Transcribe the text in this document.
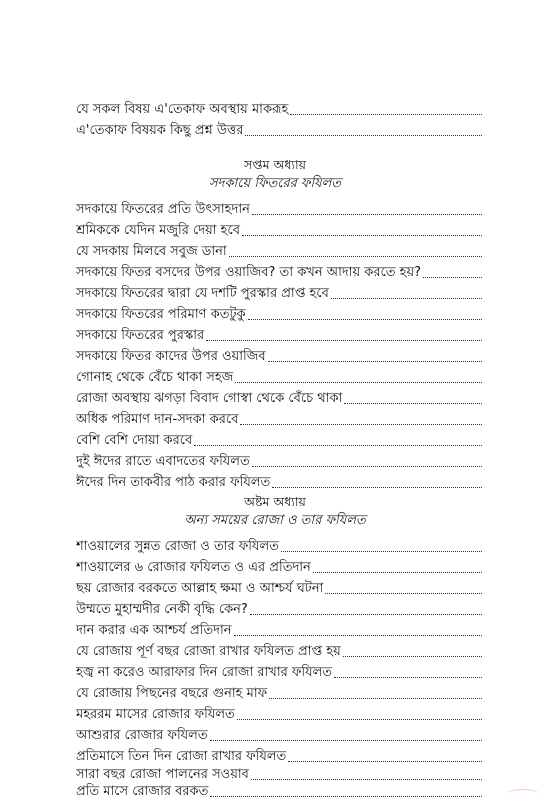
যে সকল বিষয় এ'তেকাফ অবস্থায় মাকরূহ
এ'তেকাফ বিষয়ক কিছু প্রশ্ন উত্তর
সপ্তম অধ্যায়
সদকায়ে ফিতরের ফযিলত
সদকায়ে ফিতরের প্রতি উৎসাহদান
শ্রমিককে যেদিন মজুরি দেয়া হবে
যে সদকায় মিলবে সবুজ ডানা
সদকায়ে ফিতর বসদের উপর ওয়াজিব? তা কখন আদায় করতে হয়?
সদকায়ে ফিতরের দ্বারা যে দশটি পুরস্কার প্রাপ্ত হবে
সদকায়ে ফিতরের পরিমাণ কতটুকু
সদকায়ে ফিতরের পুরস্কার
সদকায়ে ফিতর কাদের উপর ওয়াজিব
গোনাহ থেকে বেঁচে থাকা সহজ
রোজা অবস্থায় ঝগড়া বিবাদ গোস্বা থেকে বেঁচে থাকা
অধিক পরিমাণ দান-সদকা করবে
বেশি বেশি দোয়া করবে
দুই ঈদের রাতে এবাদতের ফযিলত
ঈদের দিন তাকবীর পাঠ করার ফযিলত
অষ্টম অধ্যায়
অন্য সময়ের রোজা ও তার ফযিলত
শাওয়ালের সুন্নত রোজা ও তার ফযিলত
শাওয়ালের ৬ রোজার ফযিলত ও এর প্রতিদান
ছয় রোজার বরকতে আল্লাহ ক্ষমা ও আশ্চর্য ঘটনা
উম্মতে মুহাম্মদীর নেকী বৃদ্ধি কেন?
দান করার এক আশ্চর্য প্রতিদান
যে রোজায় পূর্ণ বছর রোজা রাখার ফযিলত প্রাপ্ত হয়
হজ্ব না করেও আরাফার দিন রোজা রাখার ফযিলত
যে রোজায় পিছনের বছরে গুনাহ মাফ
মহররম মাসের রোজার ফযিলত
আশুরার রোজার ফযিলত
প্রতিমাসে তিন দিন রোজা রাখার ফযিলত
সারা বছর রোজা পালনের সওয়াব
প্রতি মাসে রোজার বরকত
